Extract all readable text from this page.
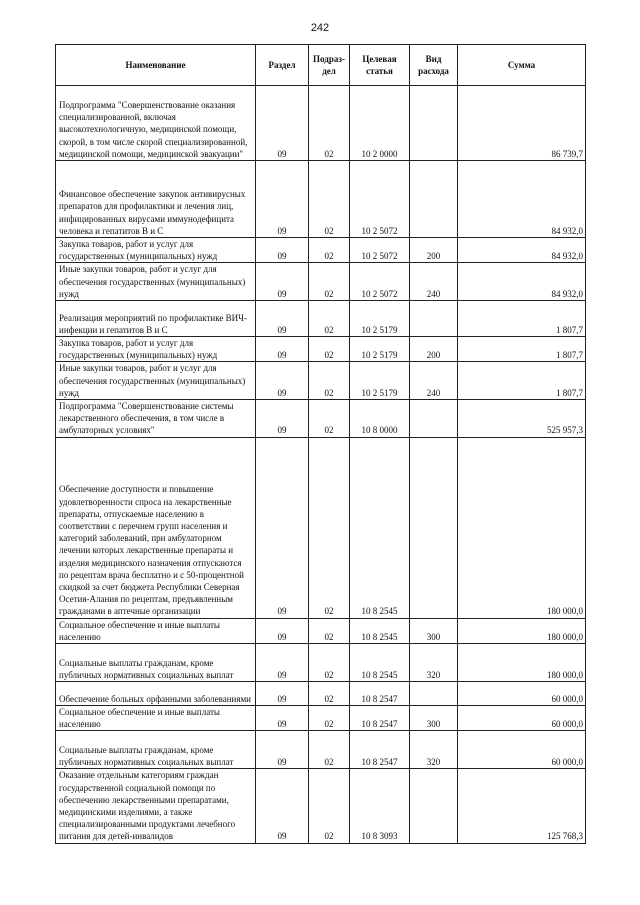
242
Наименование	Раздел	Подраз-дел	Целевая статья	Вид расхода	Сумма
Подпрограмма "Совершенствование оказания специализированной, включая высокотехнологичную, медицинской помощи, скорой, в том числе скорой специализированной, медицинской помощи, медицинской эвакуации"	09	02	10 2 0000		86 739,7
Финансовое обеспечение закупок антивирусных препаратов для профилактики и лечения лиц, инфицированных вирусами иммунодефицита человека и гепатитов В и С	09	02	10 2 5072		84 932,0
Закупка товаров, работ и услуг для государственных (муниципальных) нужд	09	02	10 2 5072	200	84 932,0
Иные закупки товаров, работ и услуг для обеспечения государственных (муниципальных) нужд	09	02	10 2 5072	240	84 932,0
Реализация мероприятий по профилактике ВИЧ-инфекции и гепатитов В и С	09	02	10 2 5179		1 807,7
Закупка товаров, работ и услуг для государственных (муниципальных) нужд	09	02	10 2 5179	200	1 807,7
Иные закупки товаров, работ и услуг для обеспечения государственных (муниципальных) нужд	09	02	10 2 5179	240	1 807,7
Подпрограмма "Совершенствование системы лекарственного обеспечения, в том числе в амбулаторных условиях"	09	02	10 8 0000		525 957,3
Обеспечение доступности и повышение удовлетворенности спроса на лекарственные препараты, отпускаемые населению в соответствии с перечнем групп населения и категорий заболеваний, при амбулаторном лечении которых лекарственные препараты и изделия медицинского назначения отпускаются по рецептам врача бесплатно и с 50-процентной скидкой за счет бюджета Республики Северная Осетия-Алания по рецептам, предъявленным гражданами в аптечные организации	09	02	10 8 2545		180 000,0
Социальное обеспечение и иные выплаты населению	09	02	10 8 2545	300	180 000,0
Социальные выплаты гражданам, кроме публичных нормативных социальных выплат	09	02	10 8 2545	320	180 000,0
Обеспечение больных орфанными заболеваниями	09	02	10 8 2547		60 000,0
Социальное обеспечение и иные выплаты населению	09	02	10 8 2547	300	60 000,0
Социальные выплаты гражданам, кроме публичных нормативных социальных выплат	09	02	10 8 2547	320	60 000,0
Оказание отдельным категориям граждан государственной социальной помощи по обеспечению лекарственными препаратами, медицинскими изделиями, а также специализированными продуктами лечебного питания для детей-инвалидов	09	02	10 8 3093		125 768,3
